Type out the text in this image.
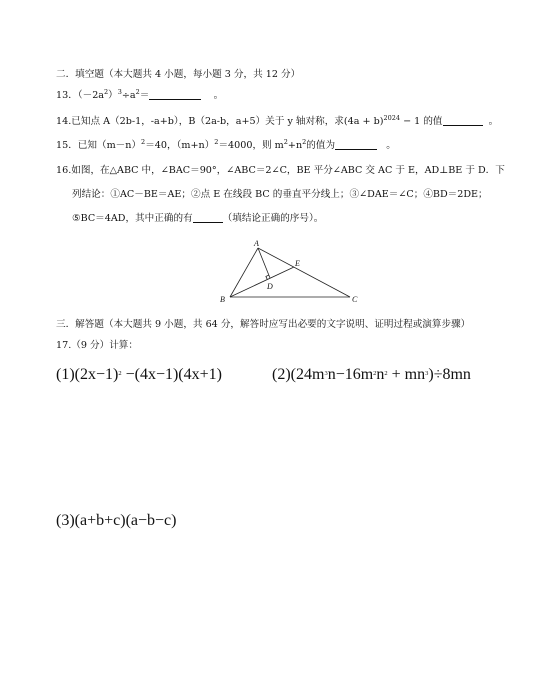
二．填空题（本大题共 4 小题，每小题 3 分，共 12 分）
13．$(-2a^2)^3\div a^2=$	。
14.已知点 A（2b-1，-a+b），B（2a-b，a+5）关于 y 轴对称，求$(4a + b)^{2024} - 1$ 的值	。
15．已知$(m-n)^2=40$，$(m+n)^2=4000$，则 $m^2+n^2$的值为	。
16.如图，在△ABC 中，∠BAC＝90°，∠ABC＝2∠C，BE 平分∠ABC 交 AC 于 E，AD⊥BE 于 D．下
列结论：①AC－BE＝AE；②点 E 在线段 BC 的垂直平分线上；③∠DAE＝∠C；④BD＝2DE；
⑤BC＝4AD，其中正确的有	（填结论正确的序号）。
A
B	C
D
E
三．解答题（本大题共 9 小题，共 64 分，解答时应写出必要的文字说明、证明过程或演算步骤）
17.（9 分）计算：
$(1)(2x-1)^2 -(4x-1)(4x+1)$	$(2)(24m^3n-16m^2n^2 + mn^3)\div 8mn$
(3)(a+b+c)(a−b−c)
